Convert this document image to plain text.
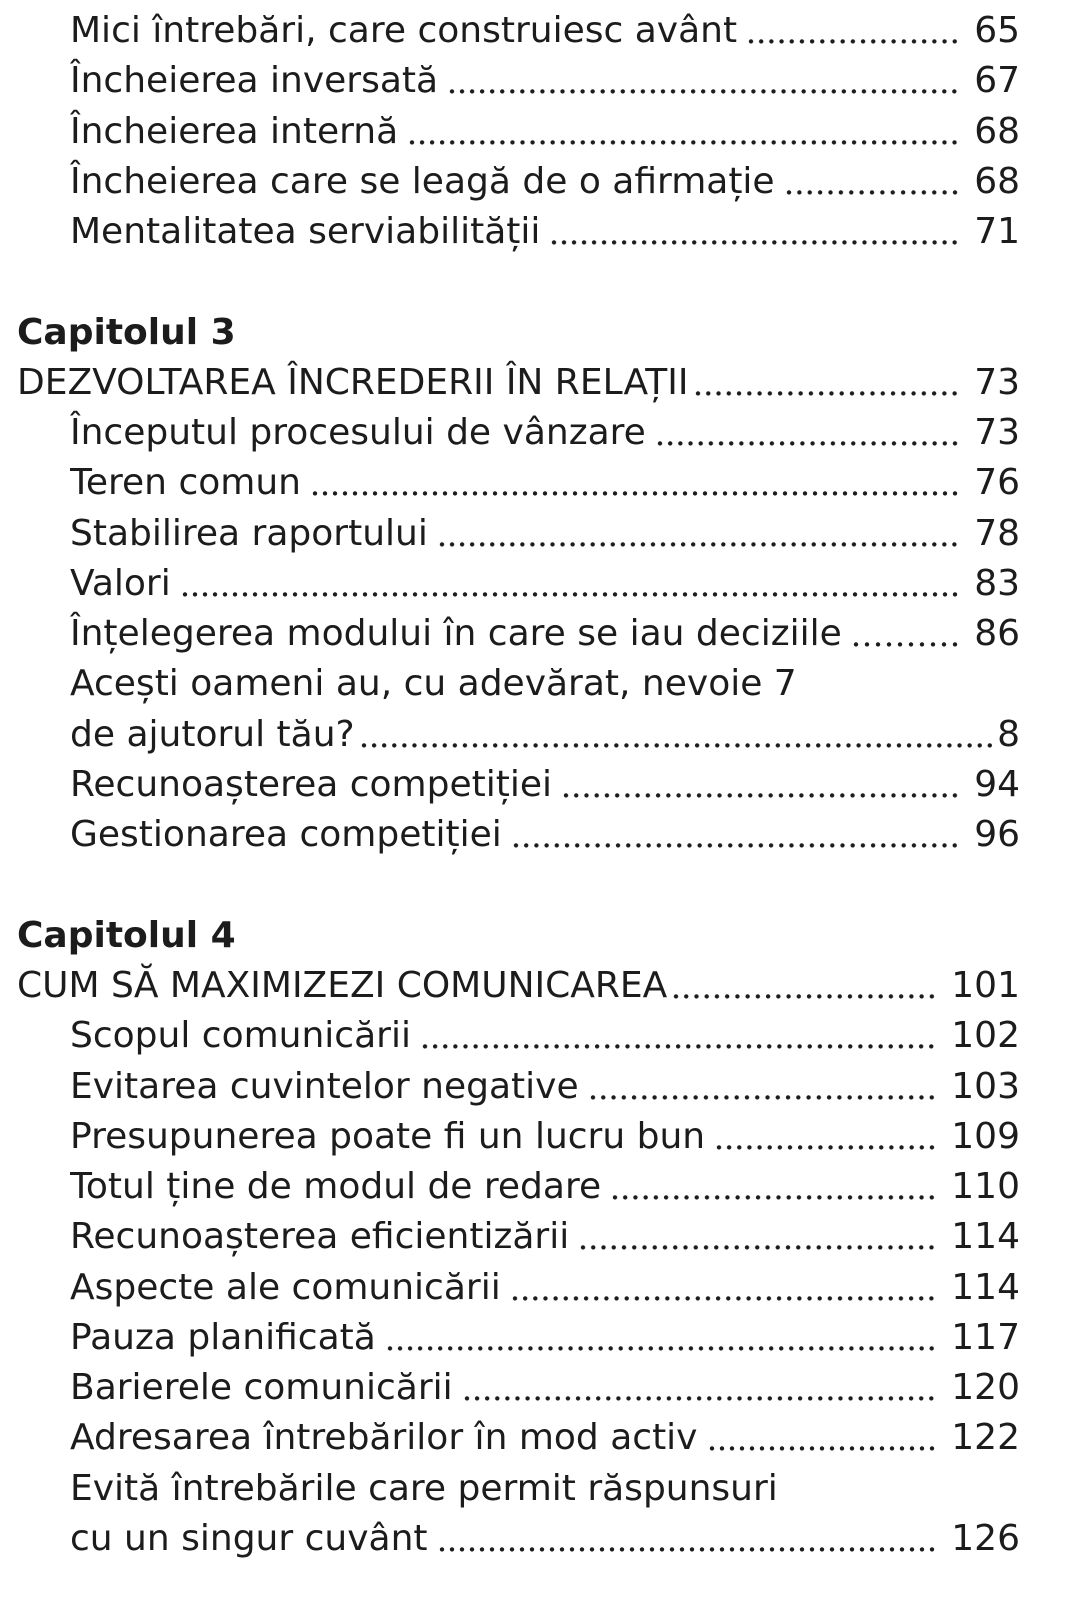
Mici întrebări, care construiesc avânt	65
Încheierea inversată	67
Încheierea internă	68
Încheierea care se leagă de o afirmație	68
Mentalitatea serviabilității	71
Capitolul 3
DEZVOLTAREA ÎNCREDERII ÎN RELAȚII	73
Începutul procesului de vânzare	73
Teren comun	76
Stabilirea raportului	78
Valori	83
Înțelegerea modului în care se iau deciziile	86
Acești oameni au, cu adevărat, nevoie 7
de ajutorul tău?	8
Recunoașterea competiției	94
Gestionarea competiției	96
Capitolul 4
CUM SĂ MAXIMIZEZI COMUNICAREA	101
Scopul comunicării	102
Evitarea cuvintelor negative	103
Presupunerea poate fi un lucru bun	109
Totul ține de modul de redare	110
Recunoașterea eficientizării	114
Aspecte ale comunicării	114
Pauza planificată	117
Barierele comunicării	120
Adresarea întrebărilor în mod activ	122
Evită întrebările care permit răspunsuri
cu un singur cuvânt	126
